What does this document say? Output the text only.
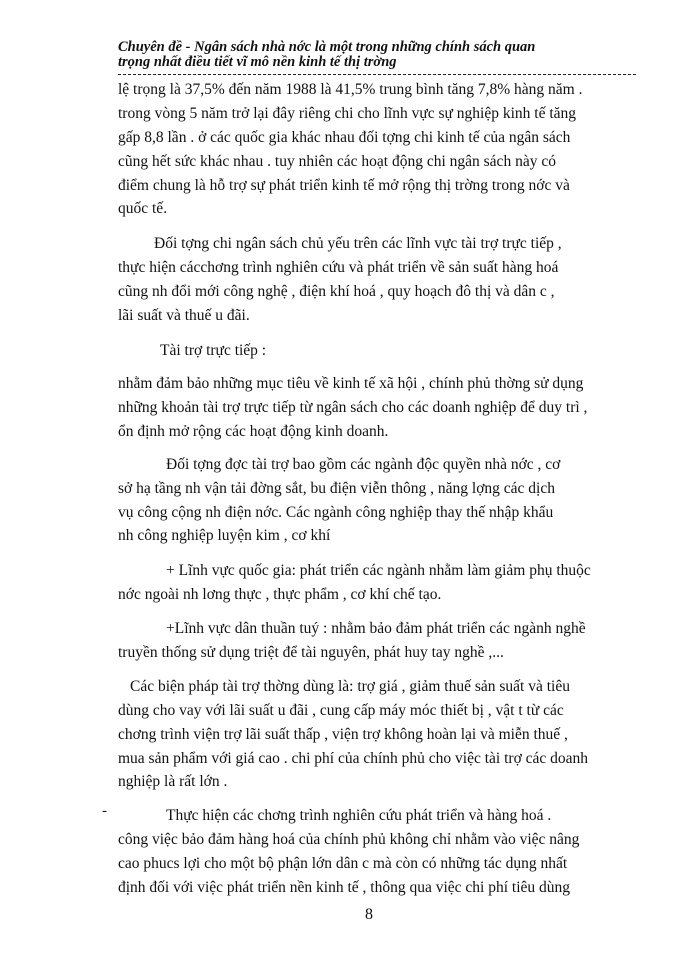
Chuyên đề - Ngân sách nhà nớc là một trong những chính sách quan
trọng nhất điều tiết vĩ mô nền kinh tế thị trờng
lệ trọng là 37,5% đến năm 1988 là 41,5% trung bình tăng 7,8% hàng năm .
trong vòng 5 năm trở lại đây riêng chi cho lĩnh vực sự nghiệp kinh tế tăng
gấp 8,8 lần . ở các quốc gia khác nhau đối tợng chi kinh tế của ngân sách
cũng hết sức khác nhau . tuy nhiên các hoạt động chi ngân sách này có
điểm chung là hỗ trợ sự phát triển kinh tế mở rộng thị trờng trong nớc và
quốc tế.
Đối tợng chi ngân sách chủ yếu trên các lĩnh vực tài trợ trực tiếp ,
thực hiện cácchơng trình nghiên cứu và phát triển về sản suất hàng hoá
cũng nh đổi mới công nghệ , điện khí hoá , quy hoạch đô thị và dân c ,
lãi suất và thuế u đãi.
Tài trợ trực tiếp :
nhằm đảm bảo những mục tiêu về kinh tế xã hội , chính phủ thờng sử dụng
những khoản tài trợ trực tiếp từ ngân sách cho các doanh nghiệp để duy trì ,
ổn định mở rộng các hoạt động kinh doanh.
Đối tợng đợc tài trợ bao gồm các ngành độc quyền nhà nớc , cơ
sở hạ tầng nh vận tải đờng sắt, bu điện viễn thông , năng lợng các dịch
vụ công cộng nh điện nớc. Các ngành công nghiệp thay thế nhập khẩu
nh công nghiệp luyện kim , cơ khí
+ Lĩnh vực quốc gia: phát triển các ngành nhằm làm giảm phụ thuộc
nớc ngoài nh lơng thực , thực phẩm , cơ khí chế tạo.
+Lĩnh vực dân thuần tuý : nhằm bảo đảm phát triển các ngành nghề
truyền thống sử dụng triệt để tài nguyên, phát huy tay nghề ,...
Các biện pháp tài trợ thờng dùng là: trợ giá , giảm thuế sản suất và tiêu
dùng cho vay với lãi suất u đãi , cung cấp máy móc thiết bị , vật t từ các
chơng trình viện trợ lãi suất thấp , viện trợ không hoàn lại và miễn thuế ,
mua sản phẩm với giá cao . chi phí của chính phủ cho việc tài trợ các doanh
nghiệp là rất lớn .
Thực hiện các chơng trình nghiên cứu phát triển và hàng hoá .
công việc bảo đảm hàng hoá của chính phủ không chỉ nhằm vào việc nâng
cao phucs lợi cho một bộ phận lớn dân c mà còn có những tác dụng nhất
định đối với việc phát triển nền kinh tế , thông qua việc chi phí tiêu dùng
-
8
